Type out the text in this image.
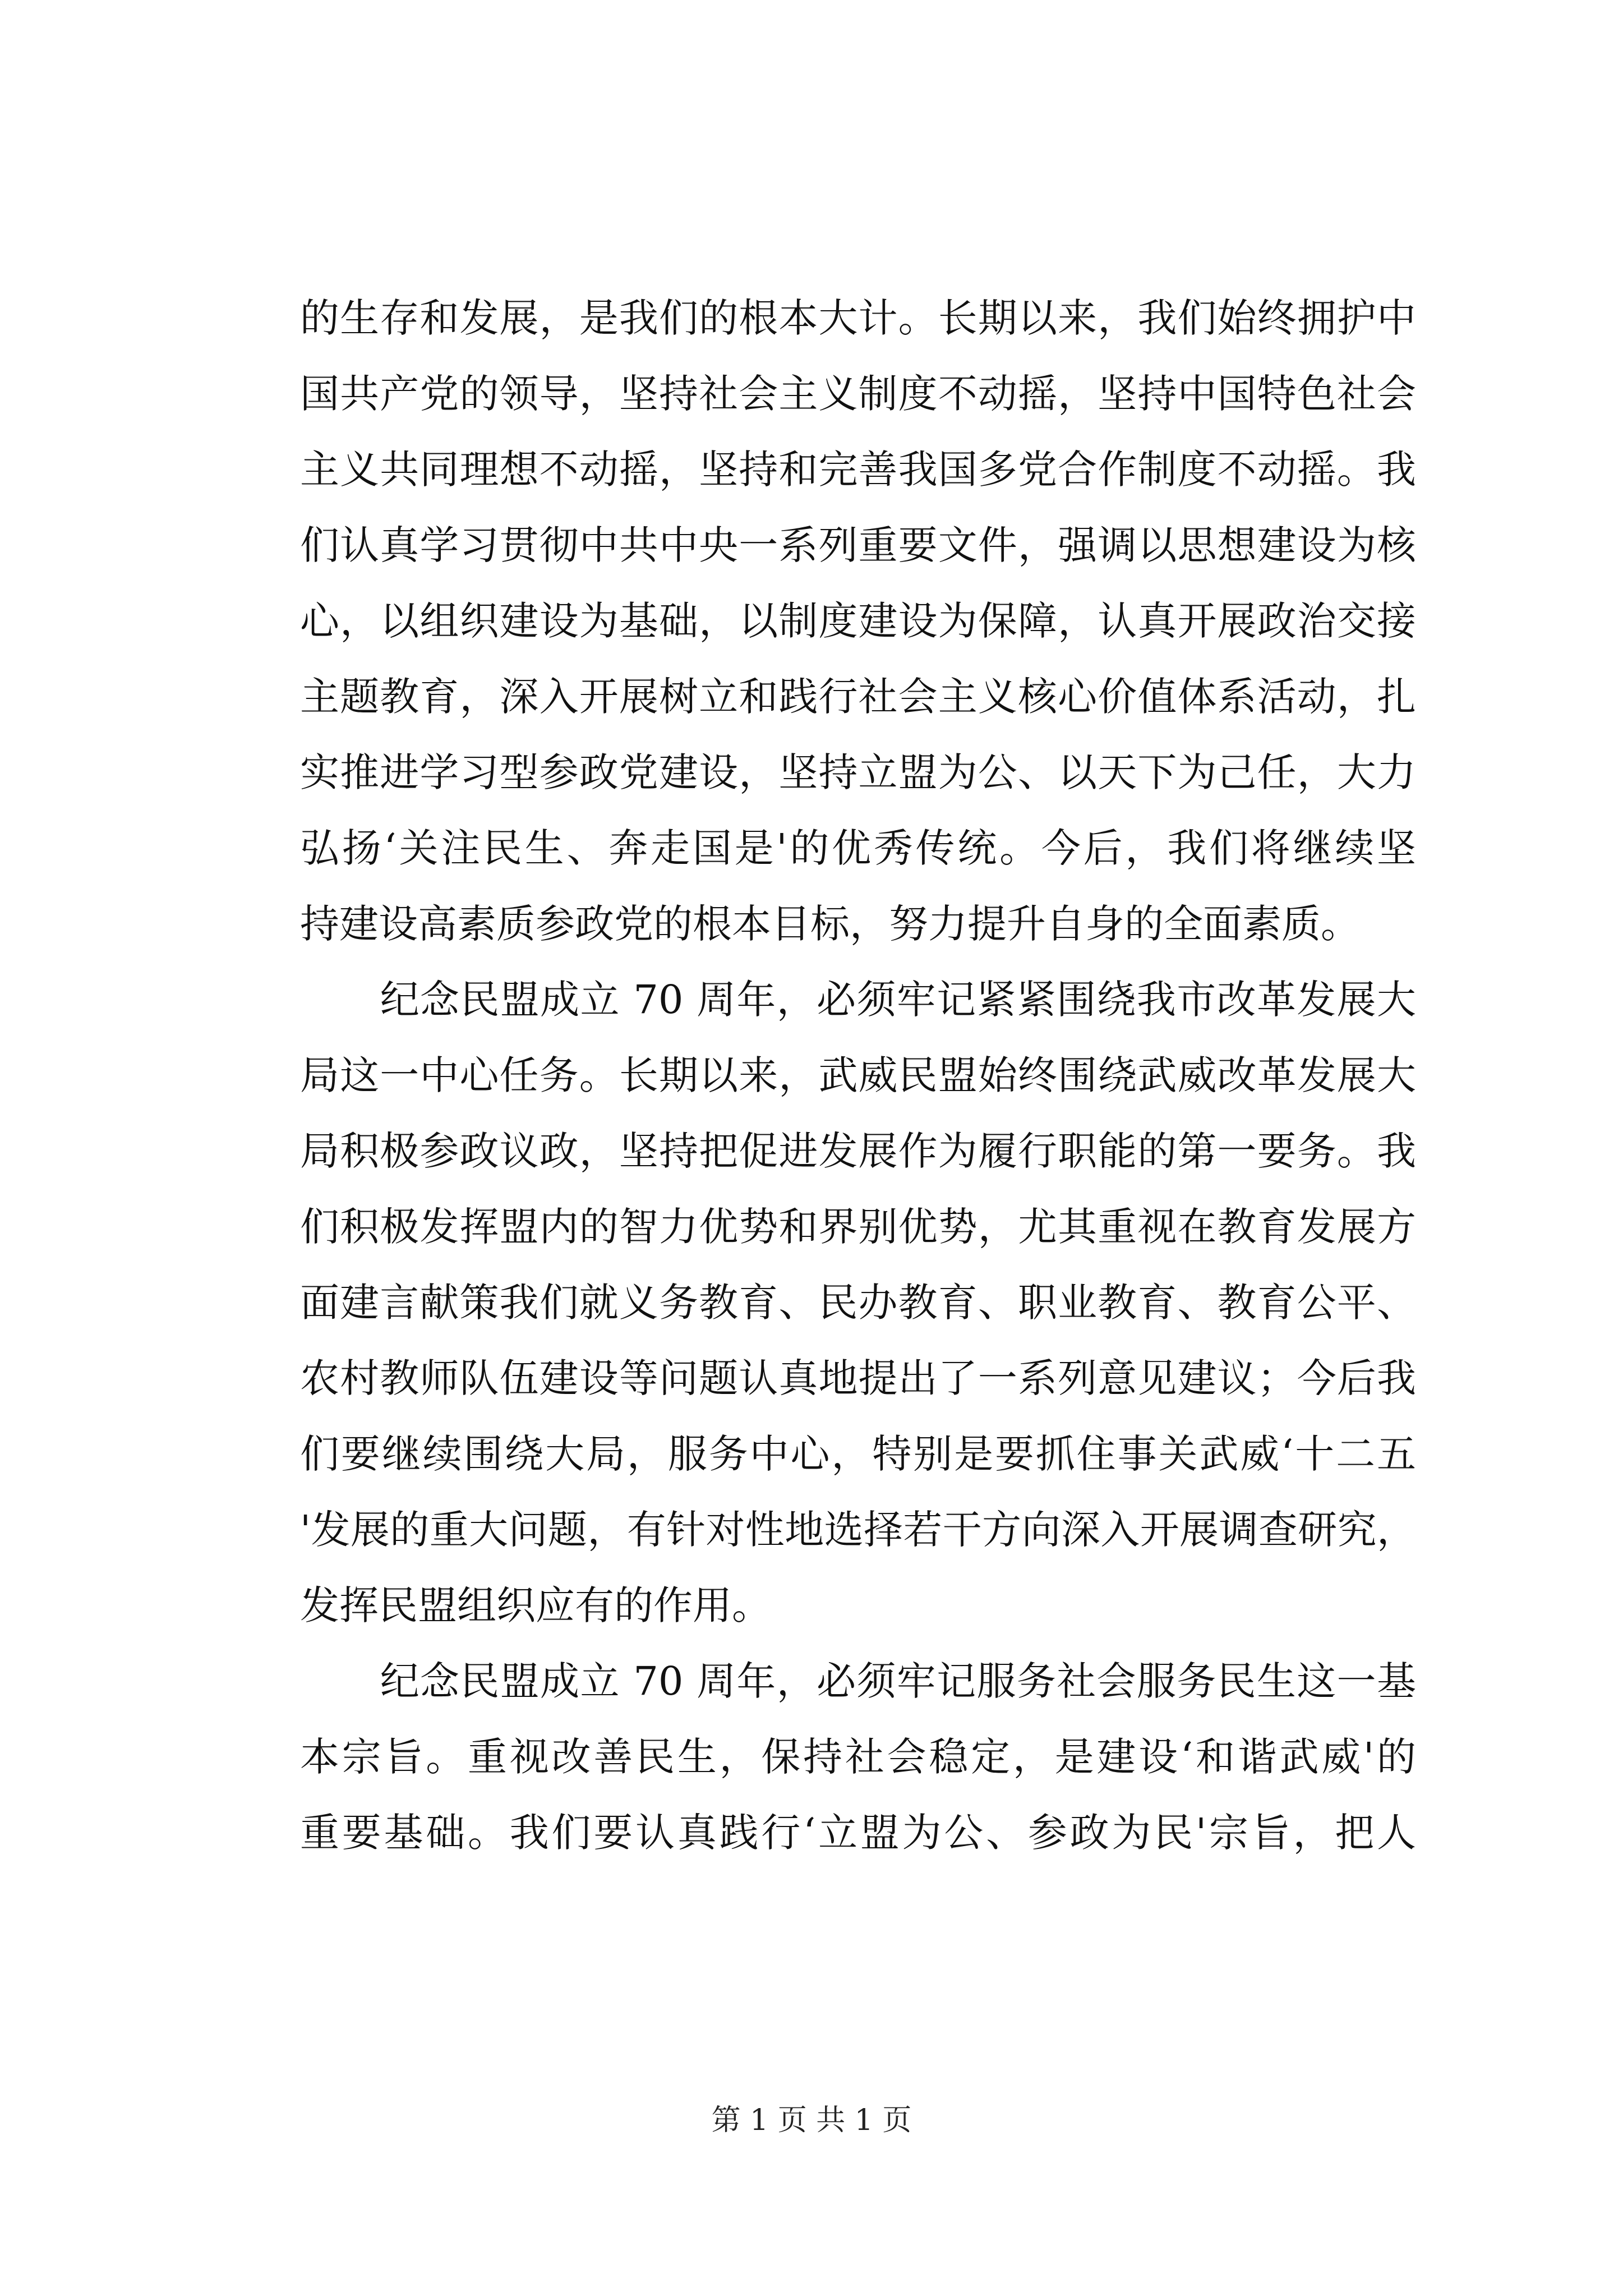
的生存和发展，是我们的根本大计。长期以来，我们始终拥护中
国共产党的领导，坚持社会主义制度不动摇，坚持中国特色社会
主义共同理想不动摇，坚持和完善我国多党合作制度不动摇。我
们认真学习贯彻中共中央一系列重要文件，强调以思想建设为核
心，以组织建设为基础，以制度建设为保障，认真开展政治交接
主题教育，深入开展树立和践行社会主义核心价值体系活动，扎
实推进学习型参政党建设，坚持立盟为公、以天下为己任，大力
弘扬‘关注民生、奔走国是'的优秀传统。今后，我们将继续坚
持建设高素质参政党的根本目标，努力提升自身的全面素质。
　　纪念民盟成立 70 周年，必须牢记紧紧围绕我市改革发展大
局这一中心任务。长期以来，武威民盟始终围绕武威改革发展大
局积极参政议政，坚持把促进发展作为履行职能的第一要务。我
们积极发挥盟内的智力优势和界别优势，尤其重视在教育发展方
面建言献策我们就义务教育、民办教育、职业教育、教育公平、
农村教师队伍建设等问题认真地提出了一系列意见建议；今后我
们要继续围绕大局，服务中心，特别是要抓住事关武威‘十二五
'发展的重大问题，有针对性地选择若干方向深入开展调查研究，
发挥民盟组织应有的作用。
　　纪念民盟成立 70 周年，必须牢记服务社会服务民生这一基
本宗旨。重视改善民生，保持社会稳定，是建设‘和谐武威'的
重要基础。我们要认真践行‘立盟为公、参政为民'宗旨，把人
第 1 页 共 1 页
